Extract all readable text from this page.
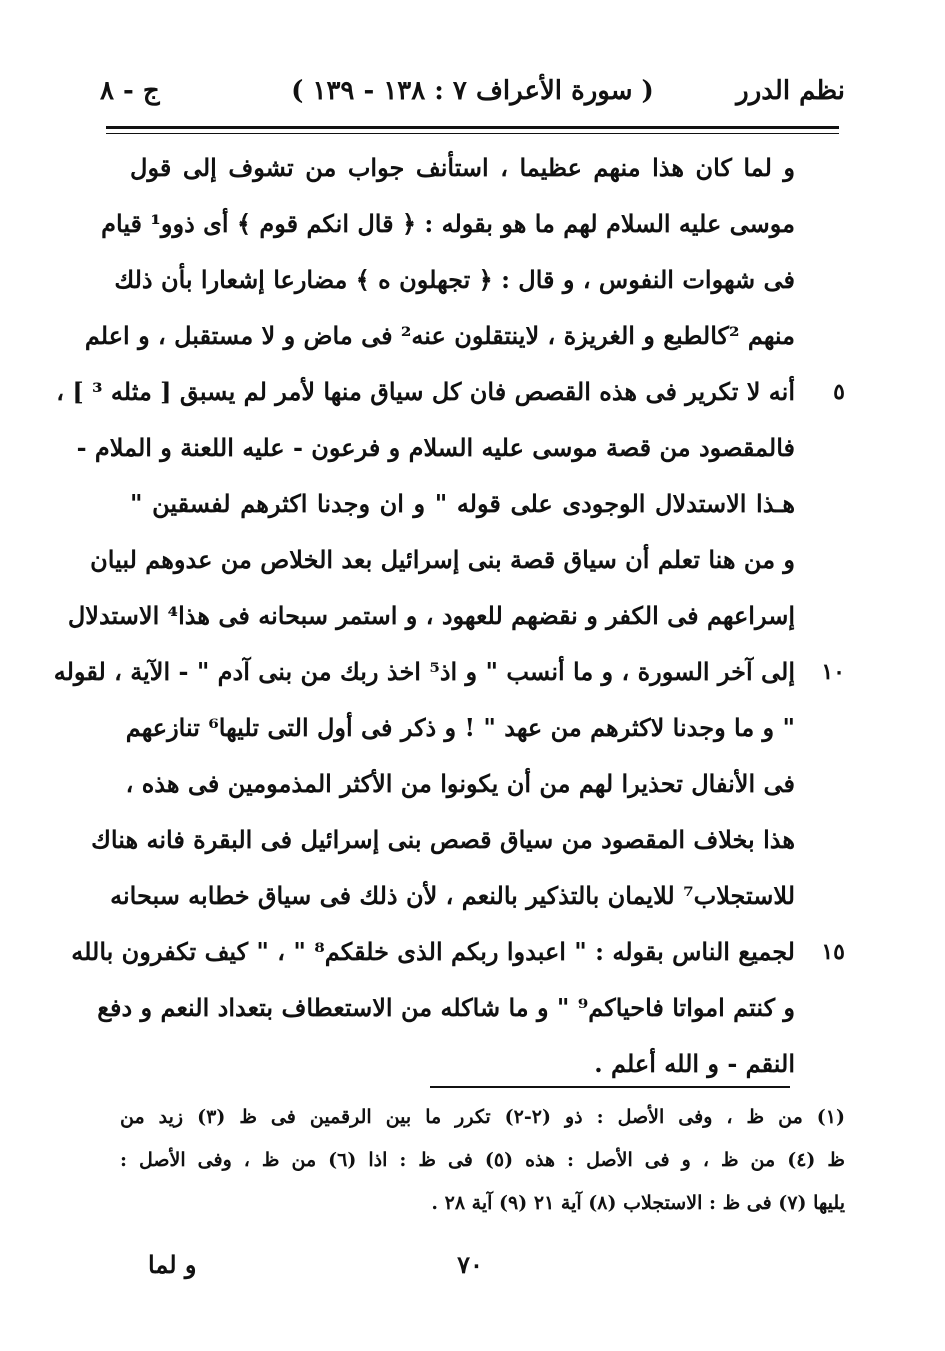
نظم الدرر
( سورة الأعراف ٧ : ١٣٨ - ١٣٩ )
ج - ٨
و لما كان هذا منهم عظيما ، استأنف جواب من تشوف إلى قول
موسى عليه السلام لهم ما هو بقوله : ﴿ قال انكم قوم ﴾ أى ذوو¹ قيام
فى شهوات النفوس ، و قال : ﴿ تجهلون ه ﴾ مضارعا إشعارا بأن ذلك
منهم ²كالطبع و الغريزة ، لاينتقلون عنه² فى ماض و لا مستقبل ، و اعلم
٥
أنه لا تكرير فى هذه القصص فان كل سياق منها لأمر لم يسبق [ مثله ³ ] ،
فالمقصود من قصة موسى عليه السلام و فرعون - عليه اللعنة و الملام -
هـذا الاستدلال الوجودى على قوله " و ان وجدنا اكثرهم لفسقين "
و من هنا تعلم أن سياق قصة بنى إسرائيل بعد الخلاص من عدوهم لبيان
إسراعهم فى الكفر و نقضهم للعهود ، و استمر سبحانه فى هذا⁴ الاستدلال
١٠
إلى آخر السورة ، و ما أنسب " و اذ⁵ اخذ ربك من بنى آدم " - الآية ، لقوله
" و ما وجدنا لاكثرهم من عهد " ! و ذكر فى أول التى تليها⁶ تنازعهم
فى الأنفال تحذيرا لهم من أن يكونوا من الأكثر المذمومين فى هذه ،
هذا بخلاف المقصود من سياق قصص بنى إسرائيل فى البقرة فانه هناك
للاستجلاب⁷ للايمان بالتذكير بالنعم ، لأن ذلك فى سياق خطابه سبحانه
١٥
لجميع الناس بقوله : " اعبدوا ربكم الذى خلقكم⁸ " ، " كيف تكفرون بالله
و كنتم امواتا فاحياكم⁹ " و ما شاكله من الاستعطاف بتعداد النعم و دفع
النقم - و الله أعلم .
(١) من ظ ، وفى الأصل : ذو (٢-٢) تكرر ما بين الرقمين فى ظ (٣) زيد من
ظ (٤) من ظ ، و فى الأصل : هذه (٥) فى ظ : اذا (٦) من ظ ، وفى الأصل :
يليها (٧) فى ظ : الاستجلاب (٨) آية ٢١ (٩) آية ٢٨ .
٧٠
و لما
